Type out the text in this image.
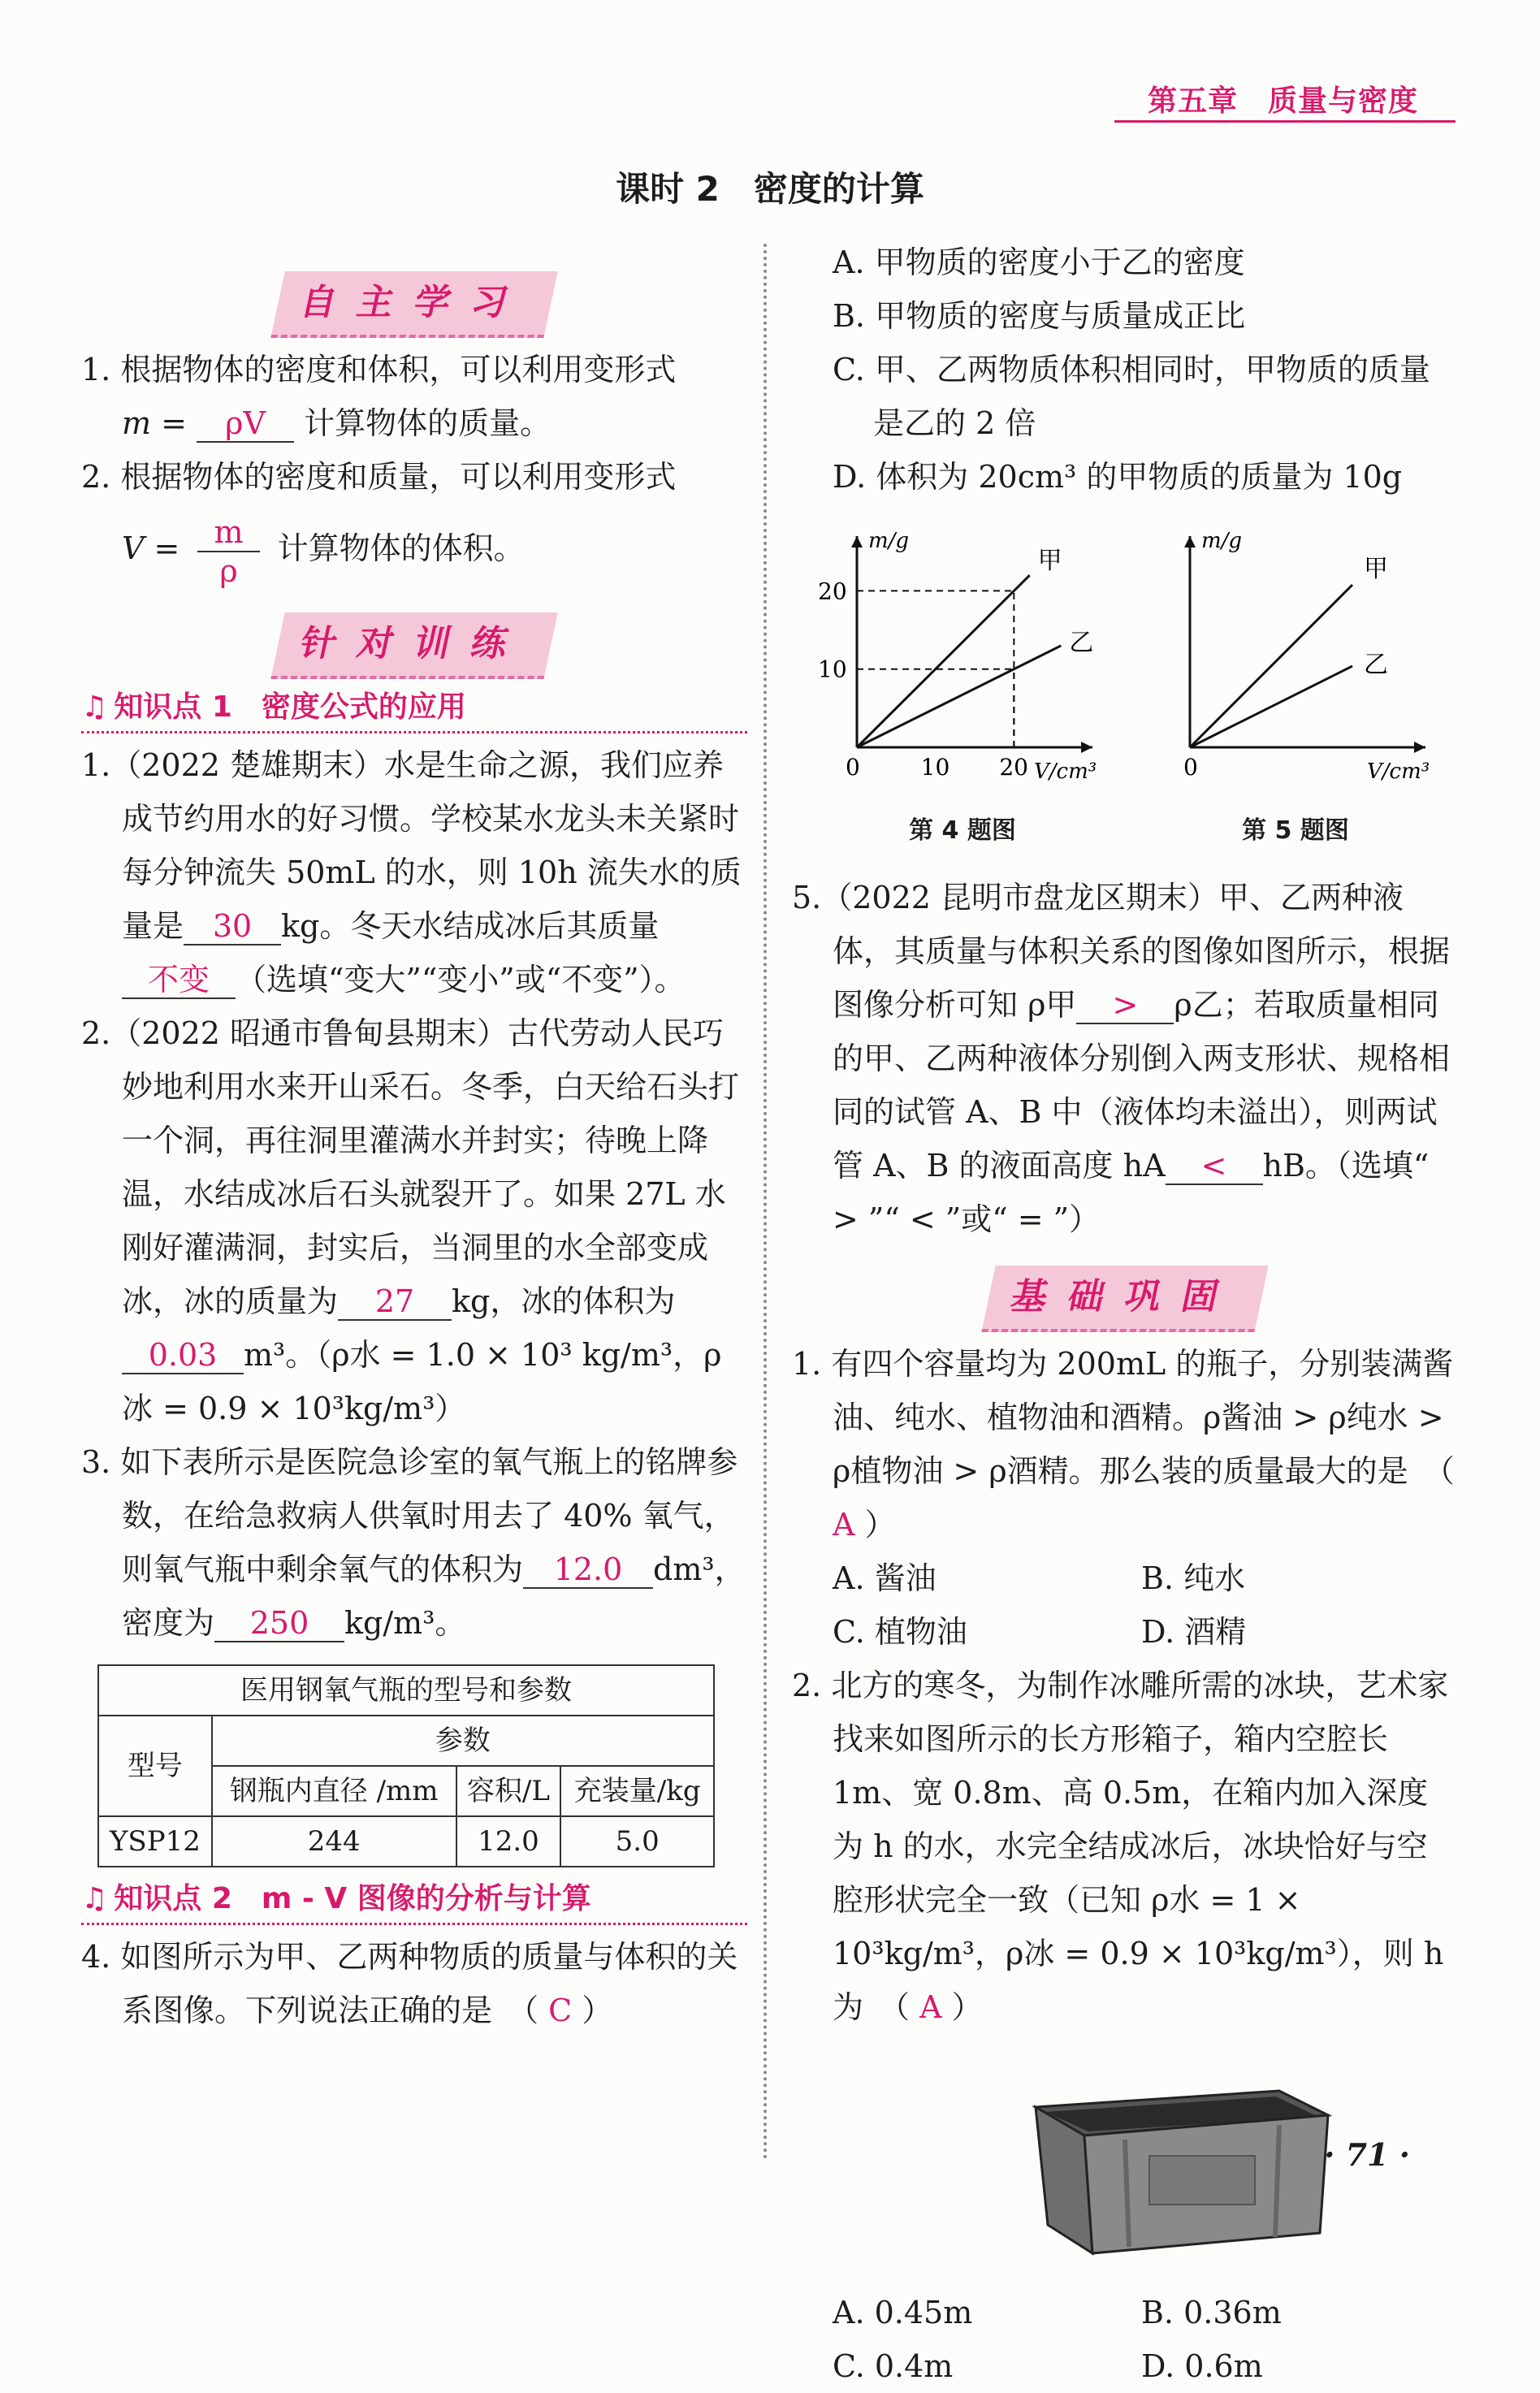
第五章　质量与密度
课时 2　密度的计算
自主学习

1. 根据物体的密度和体积，可以利用变形式

m = ρV 计算物体的质量。

2. 根据物体的密度和质量，可以利用变形式

$V = \frac{m}{\rho}$ 计算物体的体积。

针对训练
♫ 知识点 1　密度公式的应用

1.（2022 楚雄期末）水是生命之源，我们应养成节约用水的好习惯。学校某水龙头未关紧时每分钟流失 50mL 的水，则 10h 流失水的质量是 30 kg。冬天水结成冰后其质量不变 （选填“变大”“变小”或“不变”）。

2.（2022 昭通市鲁甸县期末）古代劳动人民巧妙地利用水来开山采石。冬季，白天给石头打一个洞，再往洞里灌满水并封实；待晚上降温，水结成冰后石头就裂开了。如果 27L 水刚好灌满洞，封实后，当洞里的水全部变成冰，冰的质量为 27 kg，冰的体积为0.03 m³。（ρ水 = 1.0 × 10³ kg/m³，ρ冰 = 0.9 × 10³kg/m³）

3. 如下表所示是医院急诊室的氧气瓶上的铭牌参数，在给急救病人供氧时用去了 40% 氧气，则氧气瓶中剩余氧气的体积为 12.0 dm³，密度为 250 kg/m³。

医用钢氧气瓶的型号和参数			
型号	参数		
	钢瓶内直径 /mm	容积/L	充装量/kg
YSP12	244	12.0	5.0
♫ 知识点 2　m - V 图像的分析与计算

4. 如图所示为甲、乙两种物质的质量与体积的关系图像。下列说法正确的是　（ C ）

A. 甲物质的密度小于乙的密度

B. 甲物质的密度与质量成正比

C. 甲、乙两物质体积相同时，甲物质的质量是乙的 2 倍

D. 体积为 20cm³ 的甲物质的质量为 10g

m/g
V/cm³
0	10 20
10
20
甲
乙
第 4 题图
m/g
V/cm³
0
甲
乙
第 5 题图

5.（2022 昆明市盘龙区期末）甲、乙两种液体，其质量与体积关系的图像如图所示，根据图像分析可知 ρ甲 > ρ乙；若取质量相同的甲、乙两种液体分别倒入两支形状、规格相同的试管 A、B 中（液体均未溢出），则两试管 A、B 的液面高度 hA < hB。（选填“ > ”“ < ”或“ = ”）

基础巩固

1. 有四个容量均为 200mL 的瓶子，分别装满酱油、纯水、植物油和酒精。ρ酱油 > ρ纯水 > ρ植物油 > ρ酒精。那么装的质量最大的是　（ A ）

A. 酱油	B. 纯水
C. 植物油	D. 酒精

2. 北方的寒冬，为制作冰雕所需的冰块，艺术家找来如图所示的长方形箱子，箱内空腔长 1m、宽 0.8m、高 0.5m，在箱内加入深度为 h 的水，水完全结成冰后，冰块恰好与空腔形状完全一致（已知 ρ水 = 1 × 10³kg/m³，ρ冰 = 0.9 × 10³kg/m³），则 h 为　（ A ）

A. 0.45m	B. 0.36m
C. 0.4m	D. 0.6m
· 71 ·
